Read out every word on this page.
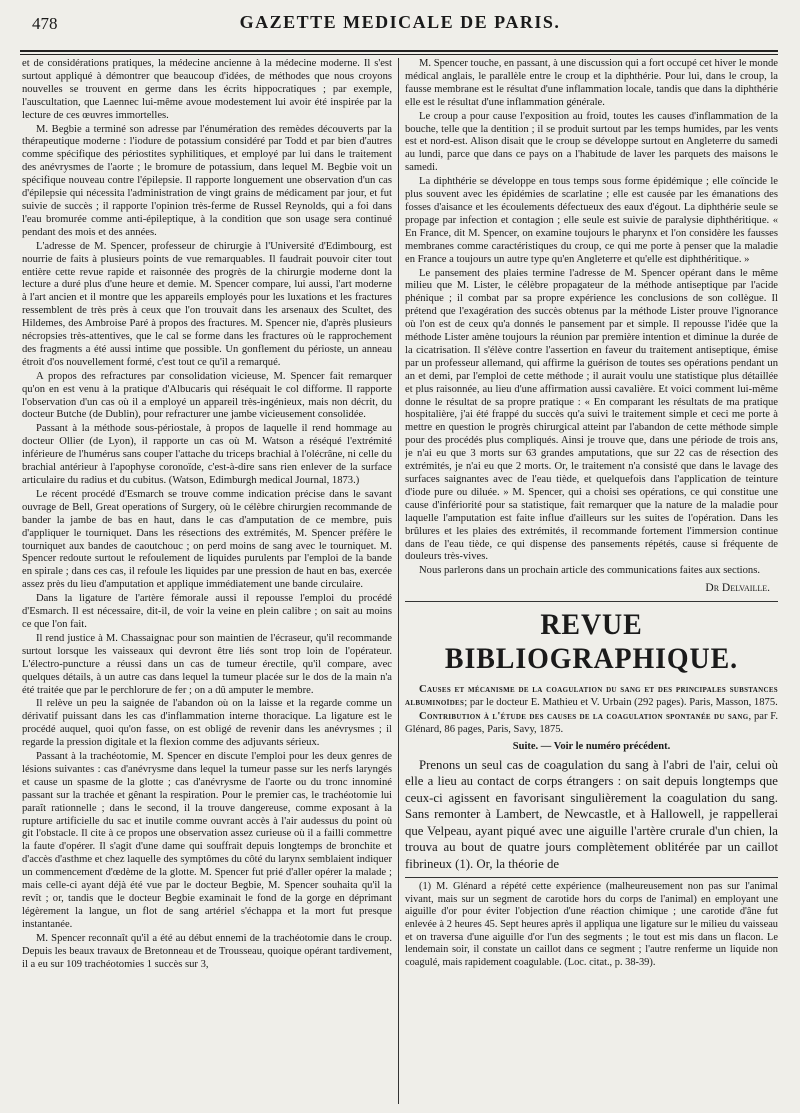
478	GAZETTE MEDICALE DE PARIS.

et de considérations pratiques, la médecine ancienne à la médecine moderne. Il s'est surtout appliqué à démontrer que beaucoup d'idées, de méthodes que nous croyons nouvelles se trouvent en germe dans les écrits hippocratiques ; par exemple, l'auscultation, que Laennec lui-même avoue modestement lui avoir été inspirée par la lecture de ces œuvres immortelles.

M. Begbie a terminé son adresse par l'énumération des remèdes découverts par la thérapeutique moderne : l'iodure de potassium considéré par Todd et par bien d'autres comme spécifique des périostites syphilitiques, et employé par lui dans le traitement des anévrysmes de l'aorte ; le bromure de potassium, dans lequel M. Begbie voit un spécifique nouveau contre l'épilepsie. Il rapporte longuement une observation d'un cas d'épilepsie qui nécessita l'administration de vingt grains de médicament par jour, et fut suivie de succès ; il rapporte l'opinion très-ferme de Russel Reynolds, qui a foi dans l'eau bromurée comme anti-épileptique, à la condition que son usage sera continué pendant des mois et des années.

L'adresse de M. Spencer, professeur de chirurgie à l'Université d'Edimbourg, est nourrie de faits à plusieurs points de vue remarquables. Il faudrait pouvoir citer tout entière cette revue rapide et raisonnée des progrès de la chirurgie moderne dont la lecture a duré plus d'une heure et demie. M. Spencer compare, lui aussi, l'art moderne à l'art ancien et il montre que les appareils employés pour les luxations et les fractures ressemblent de très près à ceux que l'on trouvait dans les arsenaux des Scultet, des Hildemes, des Ambroise Paré à propos des fractures. M. Spencer nie, d'après plusieurs nécropsies très-attentives, que le cal se forme dans les fractures où le rapprochement des fragments a été aussi intime que possible. Un gonflement du périoste, un anneau étroit d'os nouvellement formé, c'est tout ce qu'il a remarqué.

A propos des refractures par consolidation vicieuse, M. Spencer fait remarquer qu'on en est venu à la pratique d'Albucaris qui réséquait le col difforme. Il rapporte l'observation d'un cas où il a employé un appareil très-ingénieux, mais non décrit, du docteur Butche (de Dublin), pour refracturer une jambe vicieusement consolidée.

Passant à la méthode sous-périostale, à propos de laquelle il rend hommage au docteur Ollier (de Lyon), il rapporte un cas où M. Watson a réséqué l'extrémité inférieure de l'humérus sans couper l'attache du triceps brachial à l'olécrâne, ni celle du brachial antérieur à l'apophyse coronoïde, c'est-à-dire sans rien enlever de la surface articulaire du radius et du cubitus. (Watson, Edimburgh medical Journal, 1873.)

Le récent procédé d'Esmarch se trouve comme indication précise dans le savant ouvrage de Bell, Great operations of Surgery, où le célèbre chirurgien recommande de bander la jambe de bas en haut, dans le cas d'amputation de ce membre, puis d'appliquer le tourniquet. Dans les résections des extrémités, M. Spencer préfère le tourniquet aux bandes de caoutchouc ; on perd moins de sang avec le tourniquet. M. Spencer redoute surtout le refoulement de liquides purulents par l'emploi de la bande en spirale ; dans ces cas, il refoule les liquides par une pression de haut en bas, exercée assez près du lieu d'amputation et applique immédiatement une bande circulaire.

Dans la ligature de l'artère fémorale aussi il repousse l'emploi du procédé d'Esmarch. Il est nécessaire, dit-il, de voir la veine en plein calibre ; on sait au moins ce que l'on fait.

Il rend justice à M. Chassaignac pour son maintien de l'écraseur, qu'il recommande surtout lorsque les vaisseaux qui devront être liés sont trop loin de l'opérateur. L'électro-puncture a réussi dans un cas de tumeur érectile, qu'il compare, avec quelques détails, à un autre cas dans lequel la tumeur placée sur le dos de la main n'a été traitée que par le perchlorure de fer ; on a dû amputer le membre.

Il relève un peu la saignée de l'abandon où on la laisse et la regarde comme un dérivatif puissant dans les cas d'inflammation interne thoracique. La ligature est le procédé auquel, quoi qu'on fasse, on est obligé de revenir dans les anévrysmes ; il regarde la pression digitale et la flexion comme des adjuvants sérieux.

Passant à la trachéotomie, M. Spencer en discute l'emploi pour les deux genres de lésions suivantes : cas d'anévrysme dans lequel la tumeur passe sur les nerfs laryngés et cause un spasme de la glotte ; cas d'anévrysme de l'aorte ou du tronc innominé passant sur la trachée et gênant la respiration. Pour le premier cas, le trachéotomie lui paraît rationnelle ; dans le second, il la trouve dangereuse, comme exposant à la rupture artificielle du sac et inutile comme ouvrant accès à l'air audessus du point où git l'obstacle. Il cite à ce propos une observation assez curieuse où il a failli commettre la faute d'opérer. Il s'agit d'une dame qui souffrait depuis longtemps de bronchite et d'accès d'asthme et chez laquelle des symptômes du côté du larynx semblaient indiquer un commencement d'œdème de la glotte. M. Spencer fut prié d'aller opérer la malade ; mais celle-ci ayant déjà été vue par le docteur Begbie, M. Spencer souhaita qu'il la revît ; or, tandis que le docteur Begbie examinait le fond de la gorge en déprimant légèrement la langue, un flot de sang artériel s'échappa et la mort fut presque instantanée.

M. Spencer reconnaît qu'il a été au début ennemi de la trachéotomie dans le croup. Depuis les beaux travaux de Bretonneau et de Trousseau, quoique opérant tardivement, il a eu sur 109 trachéotomies 1 succès sur 3,

M. Spencer touche, en passant, à une discussion qui a fort occupé cet hiver le monde médical anglais, le parallèle entre le croup et la diphthérie. Pour lui, dans le croup, la fausse membrane est le résultat d'une inflammation locale, tandis que dans la diphthérie elle est le résultat d'une inflammation générale.

Le croup a pour cause l'exposition au froid, toutes les causes d'inflammation de la bouche, telle que la dentition ; il se produit surtout par les temps humides, par les vents est et nord-est. Alison disait que le croup se développe surtout en Angleterre du samedi au lundi, parce que dans ce pays on a l'habitude de laver les parquets des maisons le samedi.

La diphthérie se développe en tous temps sous forme épidémique ; elle coïncide le plus souvent avec les épidémies de scarlatine ; elle est causée par les émanations des fosses d'aisance et les écoulements défectueux des eaux d'égout. La diphthérie seule se propage par infection et contagion ; elle seule est suivie de paralysie diphthéritique. « En France, dit M. Spencer, on examine toujours le pharynx et l'on considère les fausses membranes comme caractéristiques du croup, ce qui me porte à penser que la maladie en France a toujours un autre type qu'en Angleterre et qu'elle est diphthéritique. »

Le pansement des plaies termine l'adresse de M. Spencer opérant dans le même milieu que M. Lister, le célèbre propagateur de la méthode antiseptique par l'acide phénique ; il combat par sa propre expérience les conclusions de son collègue. Il prétend que l'exagération des succès obtenus par la méthode Lister prouve l'ignorance où l'on est de ceux qu'a donnés le pansement par et simple. Il repousse l'idée que la méthode Lister amène toujours la réunion par première intention et diminue la durée de la cicatrisation. Il s'élève contre l'assertion en faveur du traitement antiseptique, émise par un professeur allemand, qui affirme la guérison de toutes ses opérations pendant un an et demi, par l'emploi de cette méthode ; il aurait voulu une statistique plus détaillée et plus raisonnée, au lieu d'une affirmation aussi cavalière. Et voici comment lui-même donne le résultat de sa propre pratique : « En comparant les résultats de ma pratique hospitalière, j'ai été frappé du succès qu'a suivi le traitement simple et ceci me porte à mettre en question le progrès chirurgical atteint par l'abandon de cette méthode simple pour des procédés plus compliqués. Ainsi je trouve que, dans une période de trois ans, je n'ai eu que 3 morts sur 63 grandes amputations, que sur 22 cas de résection des extrémités, je n'ai eu que 2 morts. Or, le traitement n'a consisté que dans le lavage des surfaces saignantes avec de l'eau tiède, et quelquefois dans l'application de teinture d'iode pure ou diluée. » M. Spencer, qui a choisi ses opérations, ce qui constitue une cause d'infériorité pour sa statistique, fait remarquer que la nature de la maladie pour laquelle l'amputation est faite influe d'ailleurs sur les suites de l'opération. Dans les brûlures et les plaies des extrémités, il recommande fortement l'immersion continue dans de l'eau tiède, ce qui dispense des pansements répétés, cause si fréquente de douleurs très-vives.

Nous parlerons dans un prochain article des communications faites aux sections.

Dr Delvaille.
REVUE BIBLIOGRAPHIQUE.

Causes et mécanisme de la coagulation du sang et des principales substances albuminoïdes; par le docteur E. Mathieu et V. Urbain (292 pages). Paris, Masson, 1875.

Contribution à l'étude des causes de la coagulation spontanée du sang, par F. Glénard, 86 pages, Paris, Savy, 1875.

Suite. — Voir le numéro précédent.

Prenons un seul cas de coagulation du sang à l'abri de l'air, celui où elle a lieu au contact de corps étrangers : on sait depuis longtemps que ceux-ci agissent en favorisant singulièrement la coagulation du sang. Sans remonter à Lambert, de Newcastle, et à Hallowell, je rappellerai que Velpeau, ayant piqué avec une aiguille l'artère crurale d'un chien, la trouva au bout de quatre jours complètement oblitérée par un caillot fibrineux (1). Or, la théorie de

(1) M. Glénard a répété cette expérience (malheureusement non pas sur l'animal vivant, mais sur un segment de carotide hors du corps de l'animal) en employant une aiguille d'or pour éviter l'objection d'une réaction chimique ; une carotide d'âne fut enlevée à 2 heures 45. Sept heures après il appliqua une ligature sur le milieu du vaisseau et on traversa d'une aiguille d'or l'un des segments ; le tout est mis dans un flacon. Le lendemain soir, il constate un caillot dans ce segment ; l'autre renferme un liquide non coagulé, mais rapidement coagulable. (Loc. citat., p. 38-39).
